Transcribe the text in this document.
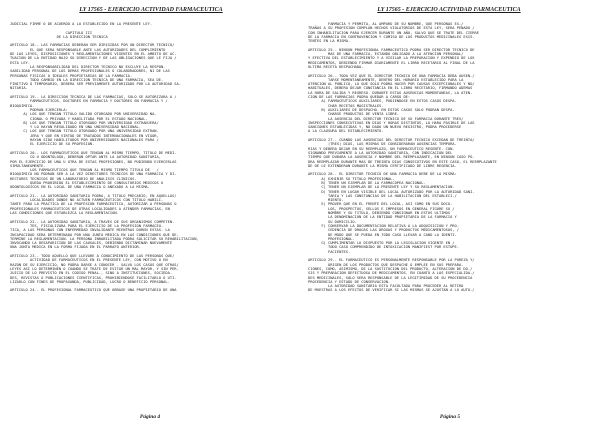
LY 17565 - EJERCICIO ACTIVIDAD FARMACEUTICA
JUDICIAL FIRME O DE ACUERDO A LO ESTABLECIDO EN LA PRESENTE LEY.

CAPITULO III
DE LA DIRECCION TECNICA

ARTICULO 18.- LAS FARMACIAS DEBERAN SER DIRIGIDAS POR UN DIRECTOR TECNICO/
EL QUE SERA RESPONSABLE ANTE LAS AUTORIDADES DEL CUMPLIMIENTO
DE LAS LEYES, DISPOSICIONES Y REGLAMENTACIONES VIGENTES EN EL AMBITO DE AC-
TUACION DE LA ENTIDAD BAJO SU DIRECCION Y DE LAS OBLIGACIONES QUE LE FIJA /
ESTA LEY.
LA RESPONSABILIDAD DEL DIRECTOR TECNICO NO EXCLUYE LA RESPON-
SABILIDAD PERSONAL DE LOS DEMAS PROFESIONALES O COLABORADORES, NI DE LAS
PERSONAS FISICAS O IDEALES PROPIETARIAS DE LA FARMACIA.
TODO CAMBIO EN LA DIRECCION TECNICA DE UNA FARMACIA, SEA DE-
FINITIVO O TEMPORARIO, DEBERA SER PREVIAMENTE AUTORIZADO POR LA AUTORIDAD SA-
NITARIA.

ARTICULO 19.- LA DIRECCION TECNICA DE LAS FARMACIAS, SOLO SE AUTORIZARA A /
FARMACEUTICOS, DOCTORES EN FARMACIA Y DOCTORES EN FARMACIA Y /
BIOQUIMICA.
PODRAN EJERCERLA:
A) LOS QUE TENGAN TITULO VALIDO OTORGADO POR UNIVERSIDAD NA-
CIONAL O PRIVADA Y HABILITADA POR EL ESTADO NACIONAL.
B) LOS QUE TENGAN TITULO OTORGADO POR UNIVERSIDAD EXTRANJERA/
Y LO HAYAN REVALIDADO EN UNA UNIVERSIDAD NACIONAL.
C) LOS QUE TENGAN TITULO OTORGADO POR UNA UNIVERSIDAD EXTRAN-
JERA Y QUE EN VIRTUD DE TRATADOS INTERNACIONALES EN VIGOR,
HAYAN SIDO HABILITADOS POR UNIVERSIDADES NACIONALES PARA /
EL EJERCICIO DE SU PROFESION.

ARTICULO 20.- LOS FARMACEUTICOS QUE TENGAN AL MISMO TIEMPO, TITULO DE MEDI-
CO U ODONTOLOGO, DEBERAN OPTAR ANTE LA AUTORIDAD SANITARIA,
POR EL EJERCICIO DE UNA U OTRA DE ESTAS PROFESIONES, NO PUDIENDO EJERCERLAS
SIMULTANEAMENTE.
LOS FARMACEUTICOS QUE TENGAN AL MISMO TIEMPO TITULO DE   /
BIOQUIMICO NO PODRAN SER A LA VEZ DIRECTORES TECNICOS DE UNA FARMACIA Y DI-
RECTORES TECNICOS DE UN LABORATORIO DE ANALISIS CLINICOS.
QUEDA PROHIBIDO EL ESTABLECIMIENTO DE CONSULTORIOS MEDICOS U
ODONTOLOGICOS EN EL LOCAL DE UNA FARMACIA O ANEXADO A LA MISMA.

ARTICULO 21.- LA AUTORIDAD SANITARIA PODRA, A TITULO PRECARIO, EN AQUELLAS/
LOCALIDADES DONDE NO ACTUEN FARMACEUTICOS CON TITULO HABILI-
TANTE PARA LA PRACTICA DE LA PROFESION FARMACEUTICA, AUTORIZAR A PERSONAS O
PROFESIONALES FARMACEUTICOS DE OTRAS LOCALIDADES A ATENDER FARMACIAS, EN
LAS CONDICIONES QUE ESTABLEZCA LA REGLAMENTACION.

ARTICULO 22.- LA AUTORIDAD SANITARIA, A TRAVES DE SUS ORGANISMOS COMPETEN-
TES, FISCALIZARA PARA EL EJERCICIO DE LA PROFESION FARMACEU-
TICA, A LAS PERSONAS CON ENFERMEDAD INVALIDANTE MIENTRAS DUREN ESTAS. LA
INCAPACIDAD SERA DETERMINADA POR UNA JUNTA MEDICA EN LAS CONDICIONES QUE DE-
TERMINE LA REGLAMENTACION. LA PERSONA INHABILITADA PODRA SOLICITAR SU REHABILITACION,
INVOCANDO LA DESAPARICION DE LAS CAUSALES, DEBIENDO DICTAMINAR NUEVAMENTE
UNA JUNTA MEDICA EN LA FORMA FIJADA EN EL PARRAFO ANTERIOR.

ARTICULO 23.- TODO AQUELLO QUE LLEVARE A CONOCIMIENTO DE LAS PERSONAS QUE/
ACTIVIDAD DE FARMACEUTICOS EN EL PRESENTE LEY, CON MOTIVO O EN
RAZON DE SU EJERCICIO, NO PODRA DARSE A CONOCER - SALVO LOS CASOS QUE OTRAS/
LEYES ASI LO DETERMINEN O CUANDO SE TRATE DE EVITAR UN MAL MAYOR, Y SIN PER-
JUICIO DE LO PREVISTO EN EL CODIGO PENAL-, SINO A INSTITUCIONES, SOCIEDA-
DES, REVISTAS O PUBLICACIONES CIENTIFICAS, PROHIBIENDOSE FACILITARLO O UTI-
LIZARLO CON FINES DE PROPAGANDA, PUBLICIDAD, LUCRO O BENEFICIO PERSONAL.

ARTICULO 24.- EL PROFESIONAL FARMACEUTICO QUE OBRASE UNA PROPIETARIO DE UNA
Página 4
LY 17565 - EJERCICIO ACTIVIDAD FARMACEUTICA
FARMACIA Y PERMITA, AL AMPARO DE SU NOMBRE, QUE PERSONAS EX-/
TRAÑAS A SU PROFESION CUMPLAN HECHOS VIOLATORIOS DE ESTA LEY, SERA PENADO /
CON INHABILITACION PARA EJERCER DURANTE UN AÑO, SALVO QUE SE TRATE DEL CIERRE
DE LA FARMACIA EN CONTRAVENCION Y COMISO DE LOS PRODUCTOS MEDICINALES EXIS-
TENTES EN LA MISMA.

ARTICULO 25.- NINGUN PROFESIONAL FARMACEUTICO PODRA SER DIRECTOR TECNICO DE
MAS DE UNA FARMACIA, ESTANDO OBLIGADO A LA ATENCION PERSONAL/
Y EFECTIVA DEL ESTABLECIMIENTO Y A VIGILAR LA PREPARACION Y EXPENDIO DE LOS
MEDICAMENTOS, DEBIENDO FIRMAR DIARIAMENTE EL LIBRO RECETARIO AL FINAL DE LA
ULTIMA RECETA DESPACHADA.

ARTICULO 26.- TODA VEZ QUE EL DIRECTOR TECNICO DE UNA FARMACIA DEBA AUSEN-/
TARSE MOMENTANEAMENTE, DENTRO DEL HORARIO ESTABLECIDO PARA LA
ATENCION AL PUBLICO, LO QUE SOLO PODRA HACER POR CAUSAS EXCEPCIONALES Y NO/
HABITUALES, DEBERA DEJAR CONSTANCIA EN EL LIBRO RECETARIO, FIRMANDO ADEMAS
LA HORA DE SALIDA Y REGRESO. DURANTE ESTAS AUSENCIAS MOMENTANEAS, LA ATEN-
CION DE LAS FARMACIAS PODRA QUEDAR A CARGO DE:
A) FARMACEUTICOS AUXILIARES, PUDIENDOSE EN ESTOS CASOS DESPA-
CHAR RECETAS MAGISTRALES.
B) AUXILIARES DE DESPACHO. EN ESTOS CASOS SOLO PODRAN DESPA-
CHARSE PRODUCTOS DE VENTA LIBRE.
LA AUSENCIA DEL DIRECTOR TECNICO DE SU FARMACIA DURANTE TRES/
INSPECCIONES CONSECUTIVAS EN DIAS Y HORAS DISTINTOS, LO HARA PASIBLE DE LAS
SANCIONES ESTABLECIDAS Y, NO DADO UN NUEVO REGISTRO, PODRA PROCEDERSE
A LA CLAUSURA DEL ESTABLECIMIENTO.

ARTICULO 27.- CUANDO LAS AUSENCIAS DEL DIRECTOR TECNICO EXCEDAN DE TREINTA/
(TRES) DIAS, LAS MISMAS DE CONSIDERARAN AUSENCIAS TEMPORA-
RIAS Y DEBERA DEJAR EN SU REEMPLAZO, UN FARMACEUTICO REGENTE. CON-
SIGNANDO PREVIAMENTE A LA AUTORIDAD SANITARIA, CON INDICACION DEL
TIEMPO QUE DURARA LA AUSENCIA Y NOMBRE DEL REEMPLAZANTE, EN NINGUN CASO PO-
DRA REEMPLAZAR DURANTE MAS DE TREINTA DIAS CONSECUTIVOS EN ESTE CASO, EL REEMPLAZANTE
DE DE LE EXTENDERAN DURANTE LA MISMA CERTIFICADO DE LIBRE REGENCIA.

ARTICULO 28.- EL DIRECTOR TECNICO DE UNA FARMACIA DEBE DE LA MISMA:
A) EXHIBIR SU TITULO PROFESIONAL.
B) TENER UN EJEMPLAR DE LA FARMACOPEA NACIONAL.
C) TENER UN EJEMPLAR DE LA PRESENTE LEY Y SU REGLAMENTACION.
D) TENER EN LUGAR VISIBLE DEL LOCAL AUTORIZADO POR LA AUTORIDAD SANI-
TARIA Y LAS CONSTANCIAS DE LA HABILITACION DEL ESTABLECI-/
MIENTO.
E) PROVER QUE EN EL FRENTE DEL LOCAL, ASI COMO EN SUS DOCU-
LOS, PROSPECTOS, SELLOS E IMPRESOS EN GENERAL FIGURE SU /
NOMBRE Y SU TITULO, DEBIENDO CONSIGNAR EN ESTOS ULTIMOS
LA DENOMINACION DE LA ENTIDAD PROPIETARIA DE LA FARMACIA Y
SU DOMICILIO.
F) CONSERVAR LA DOCUMENTACION RELATIVA A LA ADQUISICION Y PRO-
CEDENCIA DE DROGAS LAS DROGAS Y PRODUCTOS MEDICAMENTOSOS, /
DE MODO QUE SE PUEDA EN TODO CASO LLEVAR A CABO LA IDENTI-
PROFESIONAL.
G) CUMPLIMENTAR LO DISPUESTO POR LA LEGISLACION VIGENTE EN /
TODO CASO COMPRENDIDO DE INTOXICACION MANIFIEST POR ESTUPE-
FACIENTES.

ARTICULO 29.- EL FARMACEUTICO ES PERSONALMENTE RESPONSABLE POR LA PUREZA Y/
ORIGEN DE LOS PRODUCTOS QUE DESPACHE O EMPLEE EN SUS PREPARA-
CIONES, COMO, ASIMISMO, DE LA SUSTITUCION DEL PRODUCTO, ALTERACION DE DO-/
SIS Y PREPARACION DEFECTUOSA DE MEDICAMENTOS. EN CUANTO A LOS ESPECIALIDA-/
DES MEDICINALES, SOLO SERA RESPONSABLE DE LA LEGITIMIDAD DE SU PROCEDENCIA
PROCEDENCIA Y ESTADO DE CONSERVACION.
LA AUTORIDAD SANITARIA ESTA FACULTADA PARA PROCEDER AL RETIRO
DE MUESTRAS A LOS EFECTOS DE VERIFICAR SI LAS MISMAS SE AJUSTAN A LO AUTO-/
Página 5
